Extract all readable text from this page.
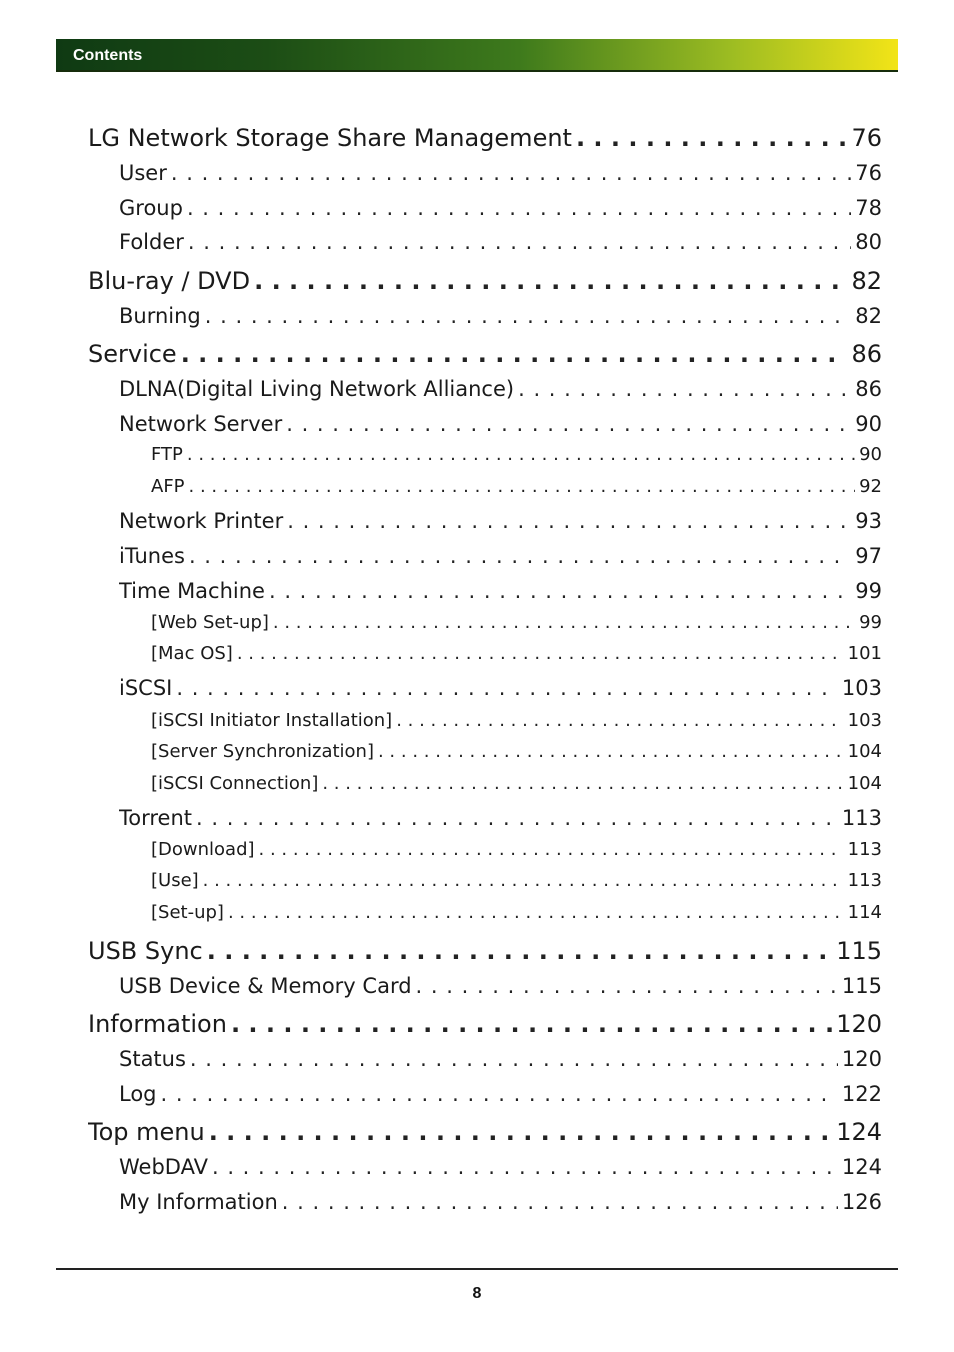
Contents
LG Network Storage Share Management . . .	76
User . . .	76
Group . . .	78
Folder . . .	80
Blu-ray / DVD . . .	82
Burning . . .	82
Service . . .	86
DLNA(Digital Living Network Alliance) . . .	86
Network Server . . .	90
FTP . . .	90
AFP . . .	92
Network Printer . . .	93
iTunes . . .	97
Time Machine . . .	99
[Web Set-up] . . .	99
[Mac OS] . . .	101
iSCSI . . .	103
[iSCSI Initiator Installation] . . .	103
[Server Synchronization] . . .	104
[iSCSI Connection] . . .	104
Torrent . . .	113
[Download] . . .	113
[Use] . . .	113
[Set-up] . . .	114
USB Sync . . .	115
USB Device & Memory Card . . .	115
Information . . .	120
Status . . .	120
Log . . .	122
Top menu . . .	124
WebDAV . . .	124
My Information . . .	126
8
